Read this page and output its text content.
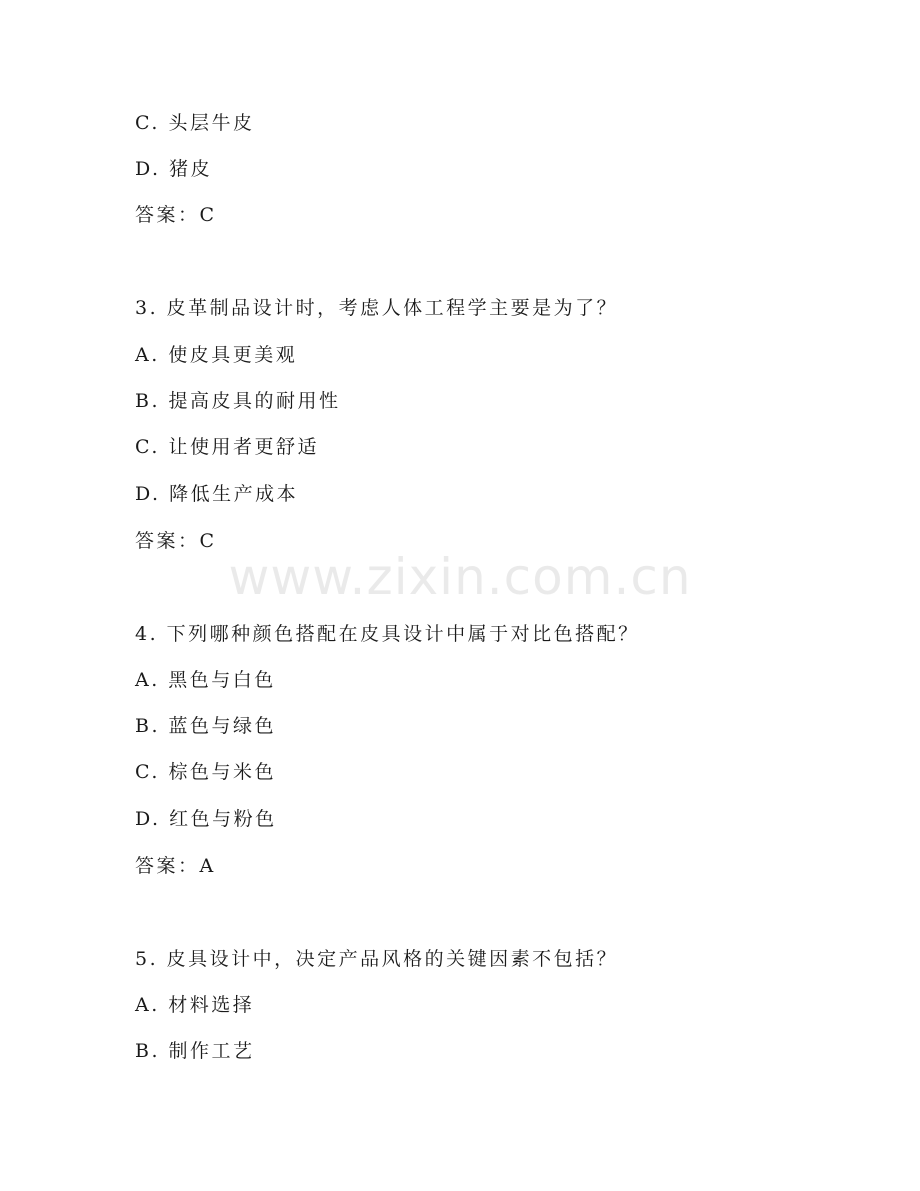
www.zixin.com.cn
C. 头层牛皮
D. 猪皮
答案：C
3. 皮革制品设计时，考虑人体工程学主要是为了？
A. 使皮具更美观
B. 提高皮具的耐用性
C. 让使用者更舒适
D. 降低生产成本
答案：C
4. 下列哪种颜色搭配在皮具设计中属于对比色搭配？
A. 黑色与白色
B. 蓝色与绿色
C. 棕色与米色
D. 红色与粉色
答案：A
5. 皮具设计中，决定产品风格的关键因素不包括？
A. 材料选择
B. 制作工艺
